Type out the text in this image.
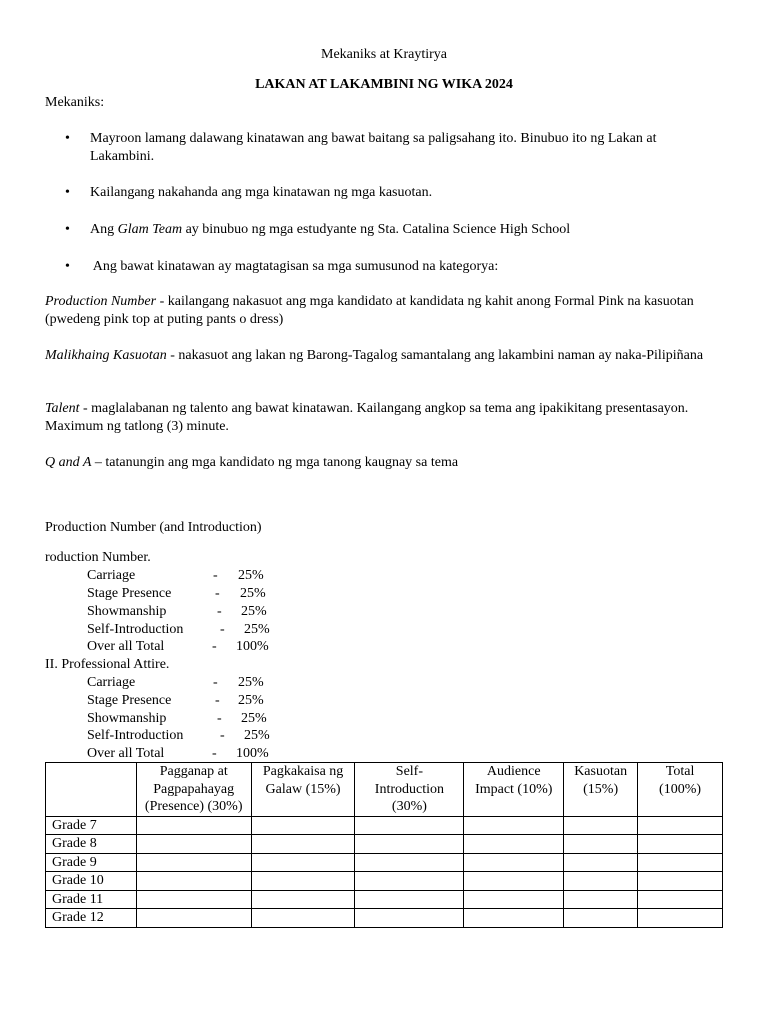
Mekaniks at Kraytirya
LAKAN AT LAKAMBINI NG WIKA 2024
Mekaniks:
• Mayroon lamang dalawang kinatawan ang bawat baitang sa paligsahang ito. Binubuo ito ng Lakan at Lakambini.
• Kailangang nakahanda ang mga kinatawan ng mga kasuotan.
• Ang Glam Team ay binubuo ng mga estudyante ng Sta. Catalina Science High School
• Ang bawat kinatawan ay magtatagisan sa mga sumusunod na kategorya:
Production Number - kailangang nakasuot ang mga kandidato at kandidata ng kahit anong Formal Pink na kasuotan (pwedeng pink top at puting pants o dress)
Malikhaing Kasuotan - nakasuot ang lakan ng Barong-Tagalog samantalang ang lakambini naman ay naka-Pilipiñana
Talent - maglalabanan ng talento ang bawat kinatawan. Kailangang angkop sa tema ang ipakikitang presentasayon. Maximum ng tatlong (3) minute.
Q and A – tatanungin ang mga kandidato ng mga tanong kaugnay sa tema
Production Number (and Introduction)
roduction Number.
Carriage	- 25%
Stage Presence	- 25%
Showmanship	- 25%
Self-Introduction	- 25%
Over all Total	- 100%
II. Professional Attire.
Carriage	- 25%
Stage Presence	- 25%
Showmanship	- 25%
Self-Introduction	- 25%
Over all Total	- 100%
	Pagganap at Pagpapahayag (Presence) (30%)	Pagkakaisa ng Galaw (15%)	Self-Introduction (30%)	Audience Impact (10%)	Kasuotan (15%)	Total (100%)
Grade 7						
Grade 8						
Grade 9						
Grade 10						
Grade 11						
Grade 12						
